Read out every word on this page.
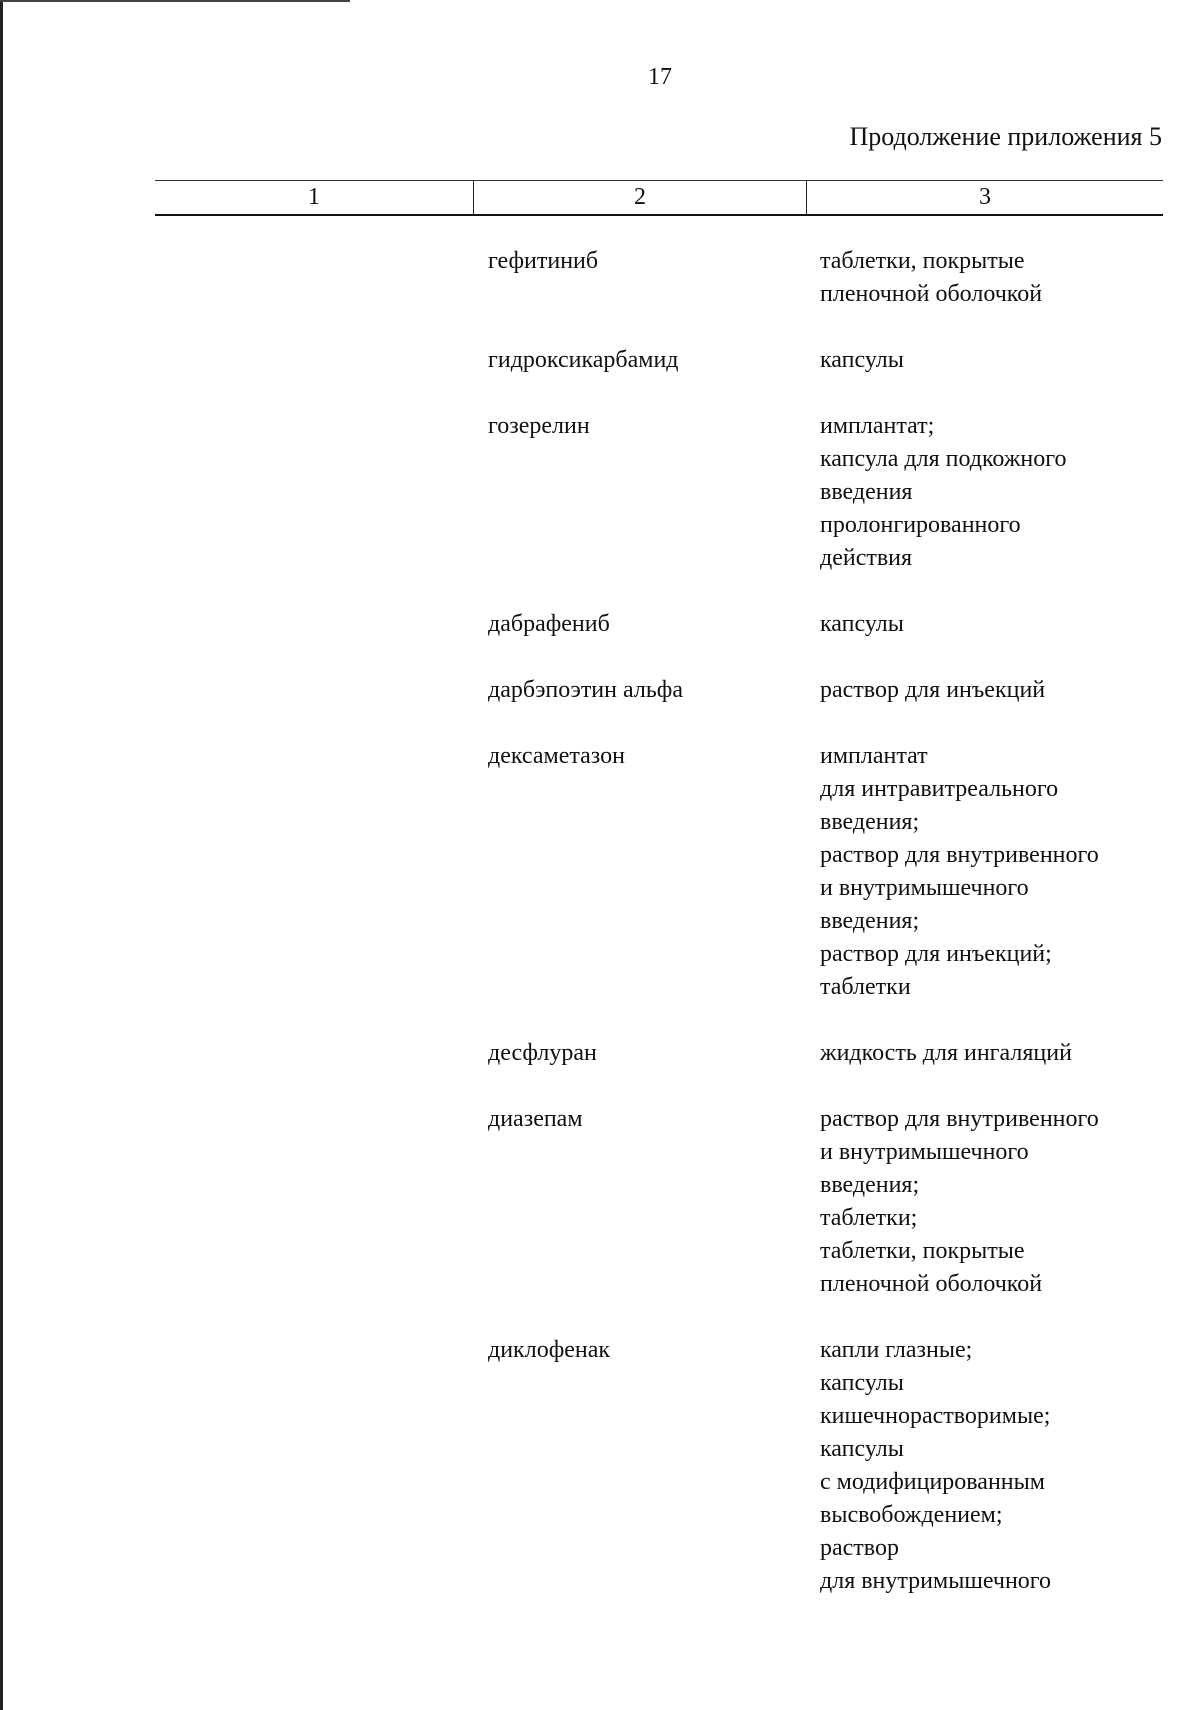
17
Продолжение приложения 5
1	2	3
гефитиниб	таблетки, покрытые
пленочной оболочкой
гидроксикарбамид	капсулы
гозерелин	имплантат;
капсула для подкожного
введения
пролонгированного
действия
дабрафениб	капсулы
дарбэпоэтин альфа	раствор для инъекций
дексаметазон	имплантат
для интравитреального
введения;
раствор для внутривенного
и внутримышечного
введения;
раствор для инъекций;
таблетки
десфлуран	жидкость для ингаляций
диазепам	раствор для внутривенного
и внутримышечного
введения;
таблетки;
таблетки, покрытые
пленочной оболочкой
диклофенак	капли глазные;
капсулы
кишечнорастворимые;
капсулы
с модифицированным
высвобождением;
раствор
для внутримышечного
